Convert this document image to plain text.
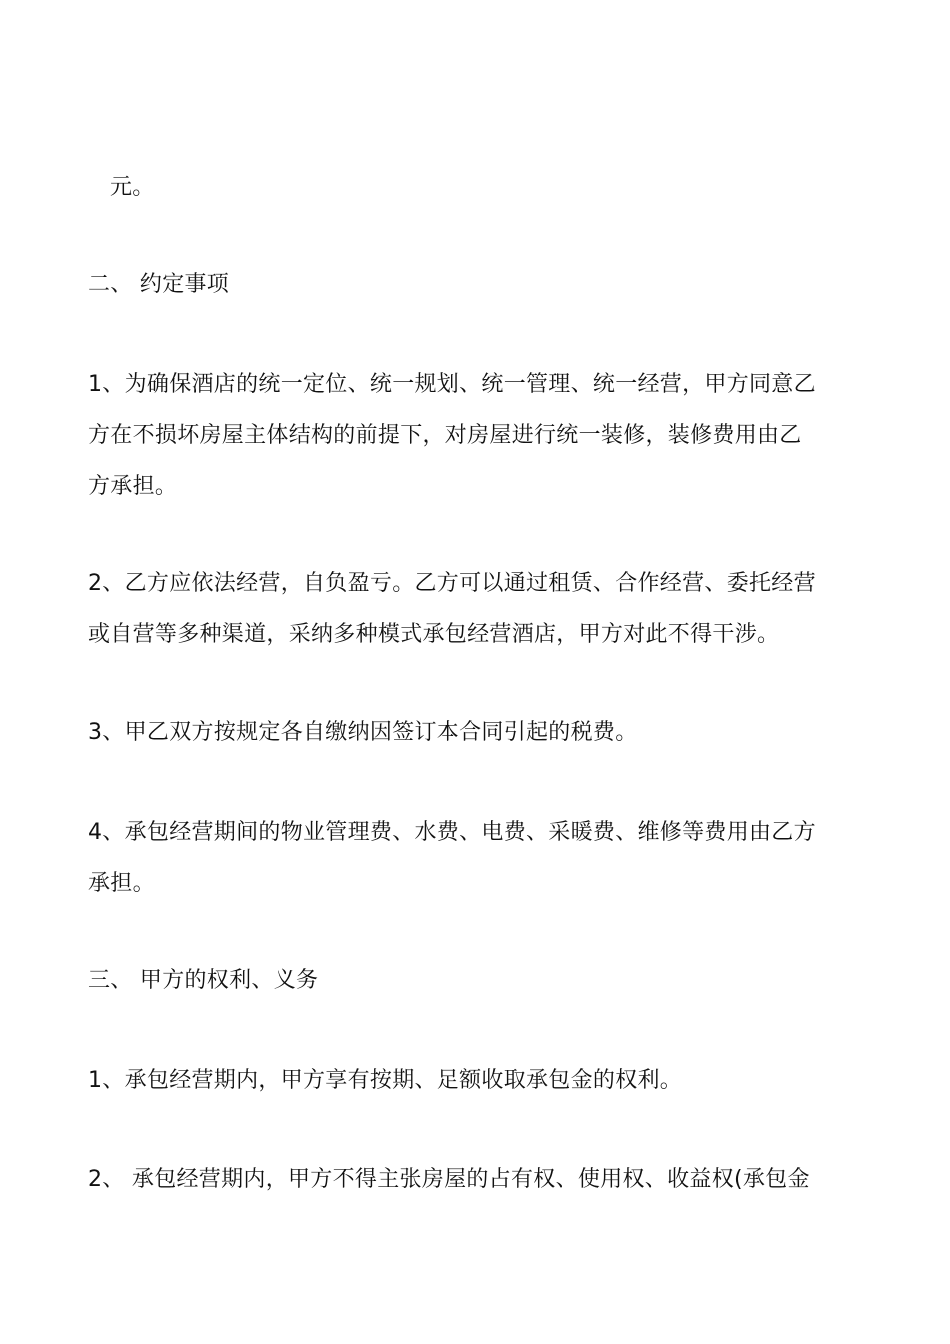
元。

二、 约定事项

1、为确保酒店的统一定位、统一规划、统一管理、统一经营，甲方同意乙

方在不损坏房屋主体结构的前提下，对房屋进行统一装修，装修费用由乙

方承担。

2、乙方应依法经营，自负盈亏。乙方可以通过租赁、合作经营、委托经营

或自营等多种渠道，采纳多种模式承包经营酒店，甲方对此不得干涉。

3、甲乙双方按规定各自缴纳因签订本合同引起的税费。

4、承包经营期间的物业管理费、水费、电费、采暖费、维修等费用由乙方

承担。

三、 甲方的权利、义务

1、承包经营期内，甲方享有按期、足额收取承包金的权利。

2、 承包经营期内，甲方不得主张房屋的占有权、使用权、收益权(承包金
